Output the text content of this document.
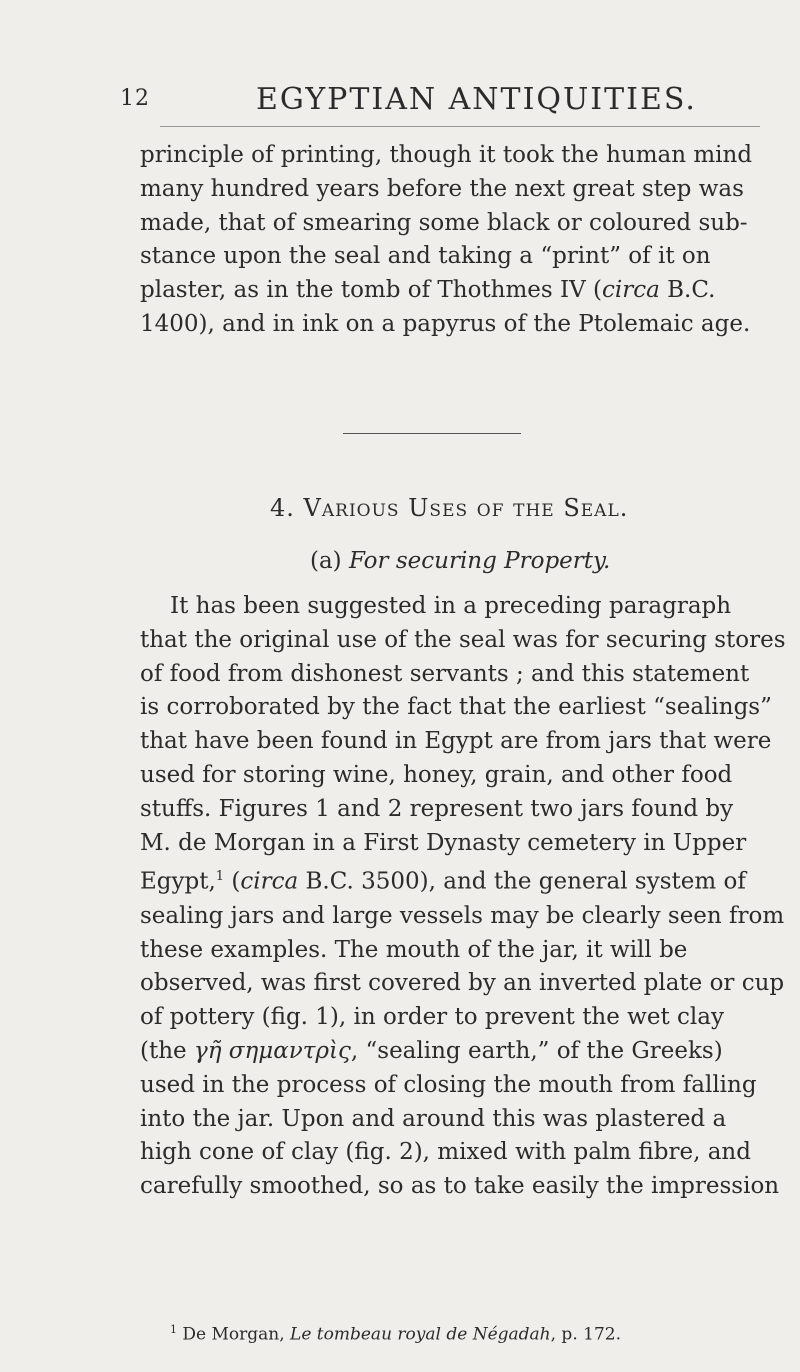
12	EGYPTIAN ANTIQUITIES.

principle of printing, though it took the human mind
many hundred years before the next great step was
made, that of smearing some black or coloured sub-
stance upon the seal and taking a “print” of it on
plaster, as in the tomb of Thothmes IV (circa B.C.
1400), and in ink on a papyrus of the Ptolemaic age.

4. Various Uses of the Seal.
(a) For securing Property.

It has been suggested in a preceding paragraph
that the original use of the seal was for securing stores
of food from dishonest servants ; and this statement
is corroborated by the fact that the earliest “sealings”
that have been found in Egypt are from jars that were
used for storing wine, honey, grain, and other food
stuffs. Figures 1 and 2 represent two jars found by
M. de Morgan in a First Dynasty cemetery in Upper
Egypt,$^1$ (circa B.C. 3500), and the general system of
sealing jars and large vessels may be clearly seen from
these examples. The mouth of the jar, it will be
observed, was first covered by an inverted plate or cup
of pottery (fig. 1), in order to prevent the wet clay
(the γῆ σημαντρὶς, “sealing earth,” of the Greeks)
used in the process of closing the mouth from falling
into the jar. Upon and around this was plastered a
high cone of clay (fig. 2), mixed with palm fibre, and
carefully smoothed, so as to take easily the impression

$^1$ De Morgan, Le tombeau royal de Négadah, p. 172.
